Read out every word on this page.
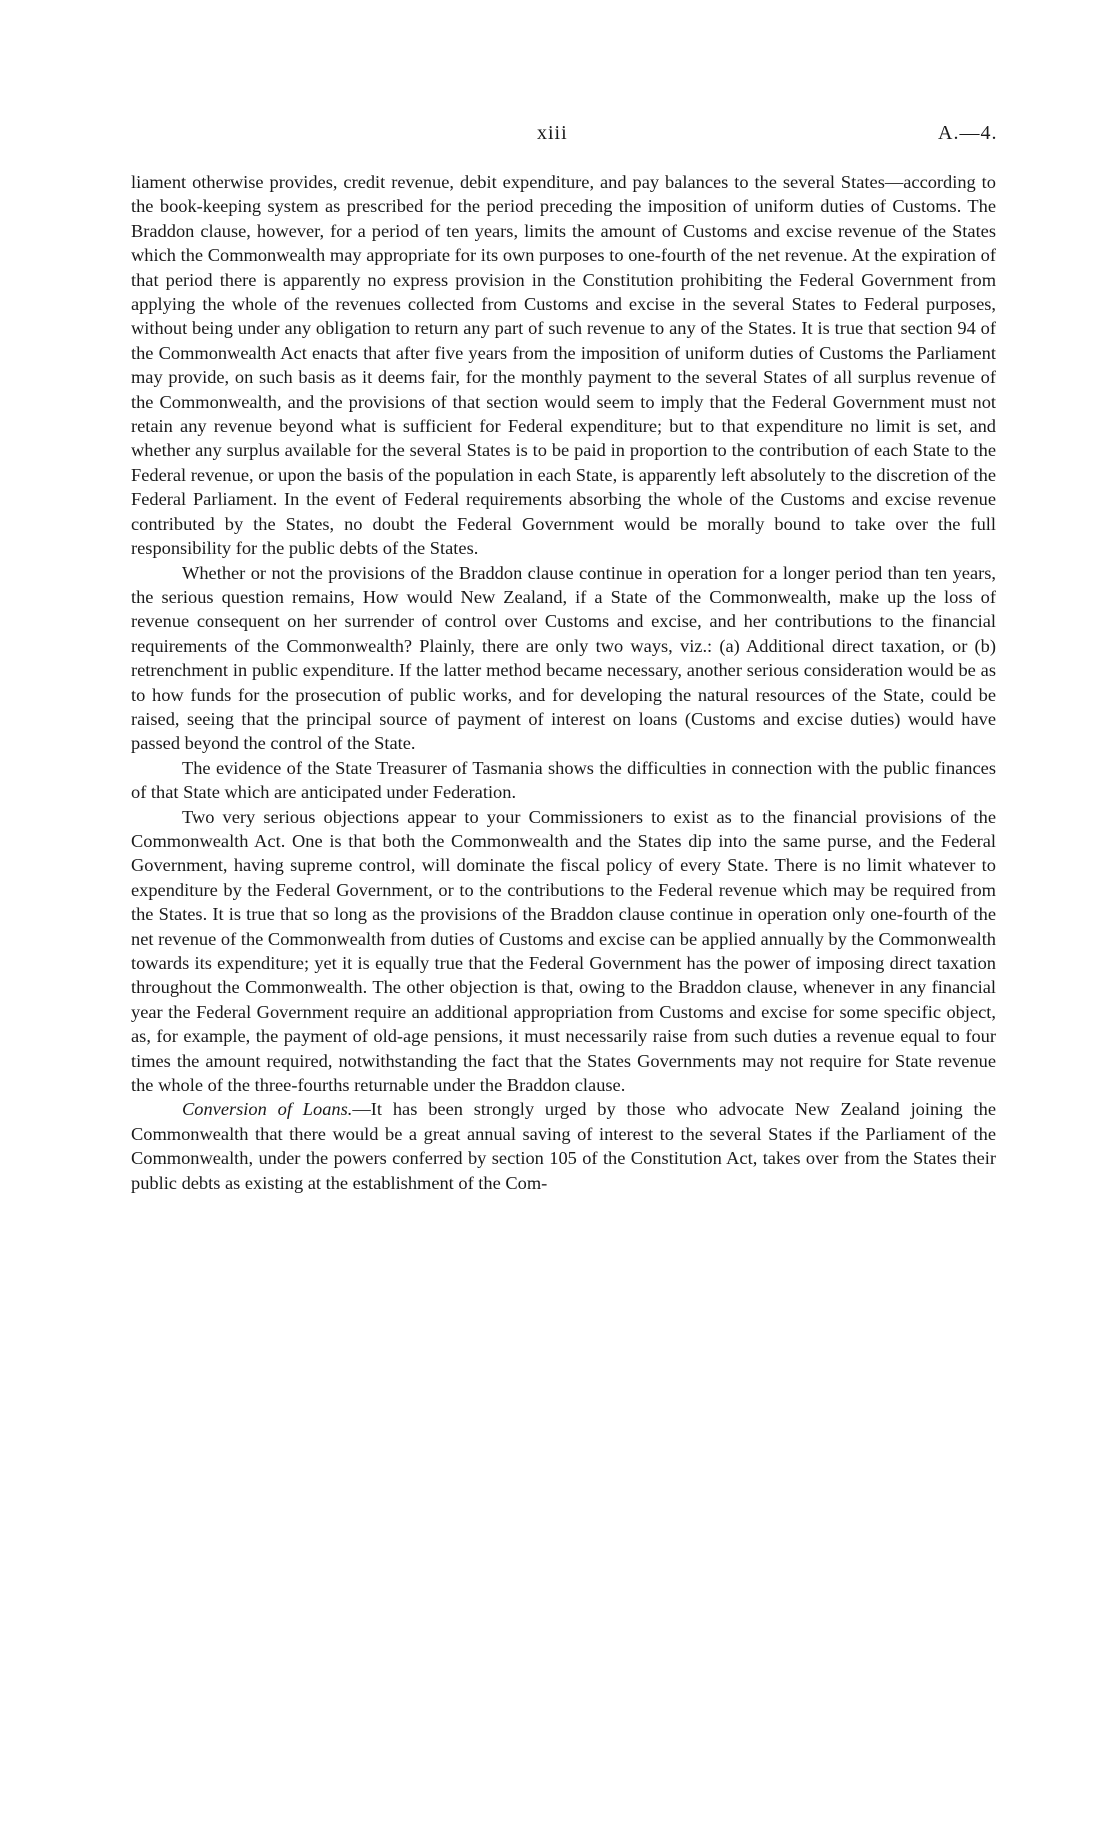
xiii	A.—4.

liament otherwise provides, credit revenue, debit expenditure, and pay balances to the several States—according to the book-keeping system as prescribed for the period preceding the imposition of uniform duties of Customs. The Braddon clause, however, for a period of ten years, limits the amount of Customs and excise revenue of the States which the Commonwealth may appropriate for its own purposes to one-fourth of the net revenue. At the expiration of that period there is apparently no express provision in the Constitution prohibiting the Federal Government from applying the whole of the revenues collected from Customs and excise in the several States to Federal purposes, without being under any obligation to return any part of such revenue to any of the States. It is true that section 94 of the Commonwealth Act enacts that after five years from the imposition of uniform duties of Customs the Parliament may provide, on such basis as it deems fair, for the monthly payment to the several States of all surplus revenue of the Commonwealth, and the provisions of that section would seem to imply that the Federal Government must not retain any revenue beyond what is sufficient for Federal expenditure; but to that expenditure no limit is set, and whether any surplus available for the several States is to be paid in proportion to the contribution of each State to the Federal revenue, or upon the basis of the population in each State, is apparently left absolutely to the discretion of the Federal Parliament. In the event of Federal requirements absorbing the whole of the Customs and excise revenue contributed by the States, no doubt the Federal Government would be morally bound to take over the full responsibility for the public debts of the States.

Whether or not the provisions of the Braddon clause continue in operation for a longer period than ten years, the serious question remains, How would New Zealand, if a State of the Commonwealth, make up the loss of revenue consequent on her surrender of control over Customs and excise, and her contributions to the financial requirements of the Commonwealth? Plainly, there are only two ways, viz.: (a) Additional direct taxation, or (b) retrenchment in public expenditure. If the latter method became necessary, another serious consideration would be as to how funds for the prosecution of public works, and for developing the natural resources of the State, could be raised, seeing that the principal source of payment of interest on loans (Customs and excise duties) would have passed beyond the control of the State.

The evidence of the State Treasurer of Tasmania shows the difficulties in connection with the public finances of that State which are anticipated under Federation.

Two very serious objections appear to your Commissioners to exist as to the financial provisions of the Commonwealth Act. One is that both the Commonwealth and the States dip into the same purse, and the Federal Government, having supreme control, will dominate the fiscal policy of every State. There is no limit whatever to expenditure by the Federal Government, or to the contributions to the Federal revenue which may be required from the States. It is true that so long as the provisions of the Braddon clause continue in operation only one-fourth of the net revenue of the Commonwealth from duties of Customs and excise can be applied annually by the Commonwealth towards its expenditure; yet it is equally true that the Federal Government has the power of imposing direct taxation throughout the Commonwealth. The other objection is that, owing to the Braddon clause, whenever in any financial year the Federal Government require an additional appropriation from Customs and excise for some specific object, as, for example, the payment of old-age pensions, it must necessarily raise from such duties a revenue equal to four times the amount required, notwithstanding the fact that the States Governments may not require for State revenue the whole of the three-fourths returnable under the Braddon clause.

Conversion of Loans.—It has been strongly urged by those who advocate New Zealand joining the Commonwealth that there would be a great annual saving of interest to the several States if the Parliament of the Commonwealth, under the powers conferred by section 105 of the Constitution Act, takes over from the States their public debts as existing at the establishment of the Com-
